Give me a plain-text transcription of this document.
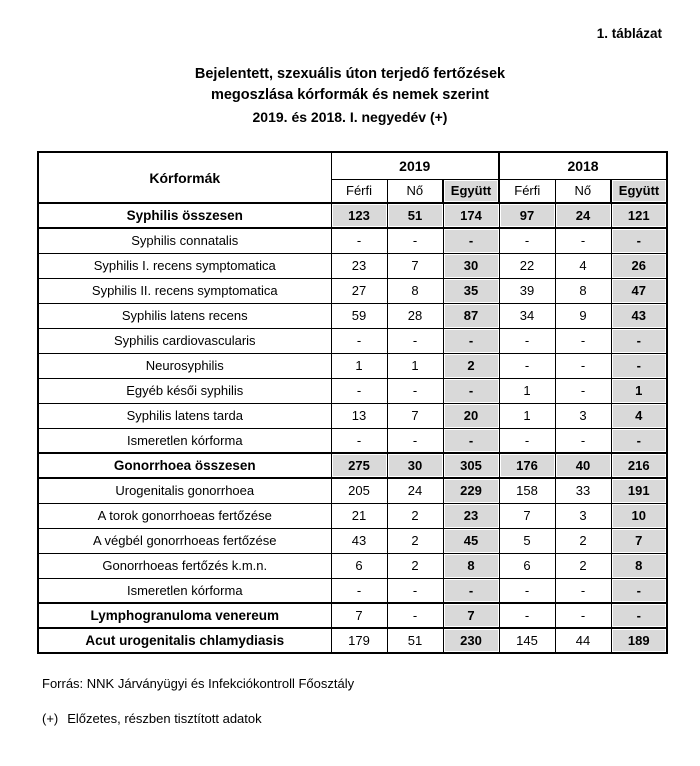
1. táblázat
Bejelentett, szexuális úton terjedő fertőzések
megoszlása kórformák és nemek szerint
2019. és 2018. I. negyedév (+)
Kórformák	2019			2018		
	Férfi	Nő	Együtt	Férfi	Nő	Együtt
Syphilis összesen	123	51	174	97	24	121
Syphilis connatalis	-	-	-	-	-	-
Syphilis I. recens symptomatica	23	7	30	22	4	26
Syphilis II. recens symptomatica	27	8	35	39	8	47
Syphilis latens recens	59	28	87	34	9	43
Syphilis cardiovascularis	-	-	-	-	-	-
Neurosyphilis	1	1	2	-	-	-
Egyéb késői syphilis	-	-	-	1	-	1
Syphilis latens tarda	13	7	20	1	3	4
Ismeretlen kórforma	-	-	-	-	-	-
Gonorrhoea összesen	275	30	305	176	40	216
Urogenitalis gonorrhoea	205	24	229	158	33	191
A torok gonorrhoeas fertőzése	21	2	23	7	3	10
A végbél gonorrhoeas fertőzése	43	2	45	5	2	7
Gonorrhoeas fertőzés k.m.n.	6	2	8	6	2	8
Ismeretlen kórforma	-	-	-	-	-	-
Lymphogranuloma venereum	7	-	7	-	-	-
Acut urogenitalis chlamydiasis	179	51	230	145	44	189
Forrás: NNK Járványügyi és Infekciókontroll Főosztály
(+) Előzetes, részben tisztított adatok
